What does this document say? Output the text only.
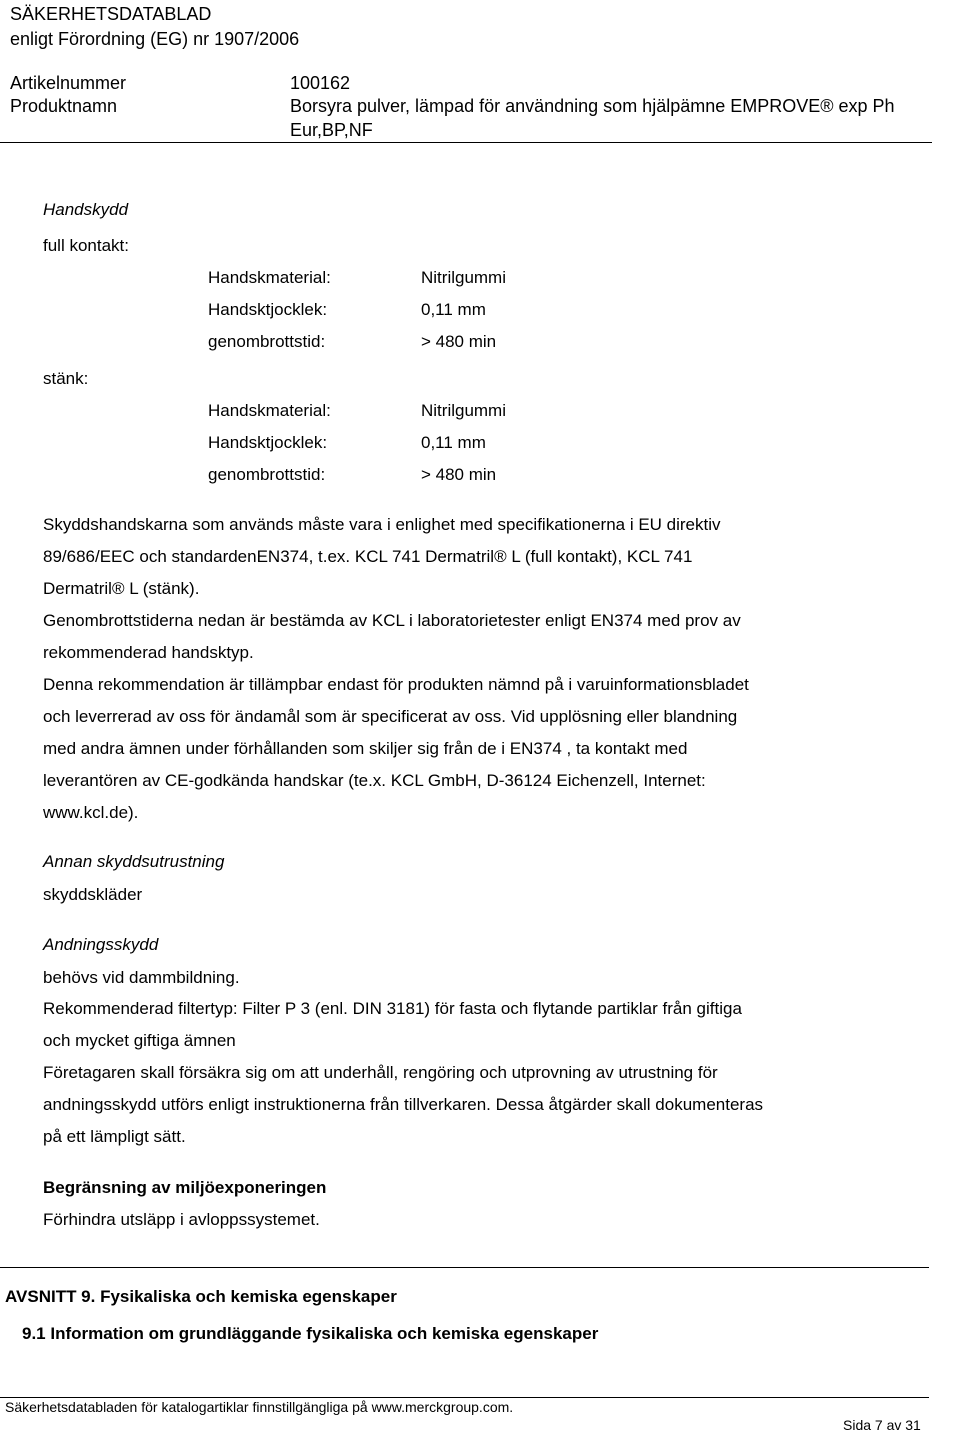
SÄKERHETSDATABLAD
enligt Förordning (EG) nr 1907/2006
Artikelnummer	100162
Produktnamn	Borsyra pulver, lämpad för användning som hjälpämne EMPROVE® exp Ph
Eur,BP,NF
Handskydd
full kontakt:
Handskmaterial:	Nitrilgummi
Handsktjocklek:	0,11 mm
genombrottstid:	> 480 min
stänk:
Handskmaterial:	Nitrilgummi
Handsktjocklek:	0,11 mm
genombrottstid:	> 480 min
Skyddshandskarna som används måste vara i enlighet med specifikationerna i EU direktiv
89/686/EEC och standardenEN374, t.ex. KCL 741 Dermatril® L (full kontakt), KCL 741
Dermatril® L (stänk).
Genombrottstiderna nedan är bestämda av KCL i laboratorietester enligt EN374 med prov av
rekommenderad handsktyp.
Denna rekommendation är tillämpbar endast för produkten nämnd på i varuinformationsbladet
och leverrerad av oss för ändamål som är specificerat av oss. Vid upplösning eller blandning
med andra ämnen under förhållanden som skiljer sig från de i EN374 , ta kontakt med
leverantören av CE-godkända handskar (te.x. KCL GmbH, D-36124 Eichenzell, Internet:
www.kcl.de).
Annan skyddsutrustning
skyddskläder
Andningsskydd
behövs vid dammbildning.
Rekommenderad filtertyp: Filter P 3 (enl. DIN 3181) för fasta och flytande partiklar från giftiga
och mycket giftiga ämnen
Företagaren skall försäkra sig om att underhåll, rengöring och utprovning av utrustning för
andningsskydd utförs enligt instruktionerna från tillverkaren. Dessa åtgärder skall dokumenteras
på ett lämpligt sätt.
Begränsning av miljöexponeringen
Förhindra utsläpp i avloppssystemet.
AVSNITT 9. Fysikaliska och kemiska egenskaper
9.1 Information om grundläggande fysikaliska och kemiska egenskaper
Säkerhetsdatabladen för katalogartiklar finnstillgängliga på www.merckgroup.com.
Sida 7 av 31
